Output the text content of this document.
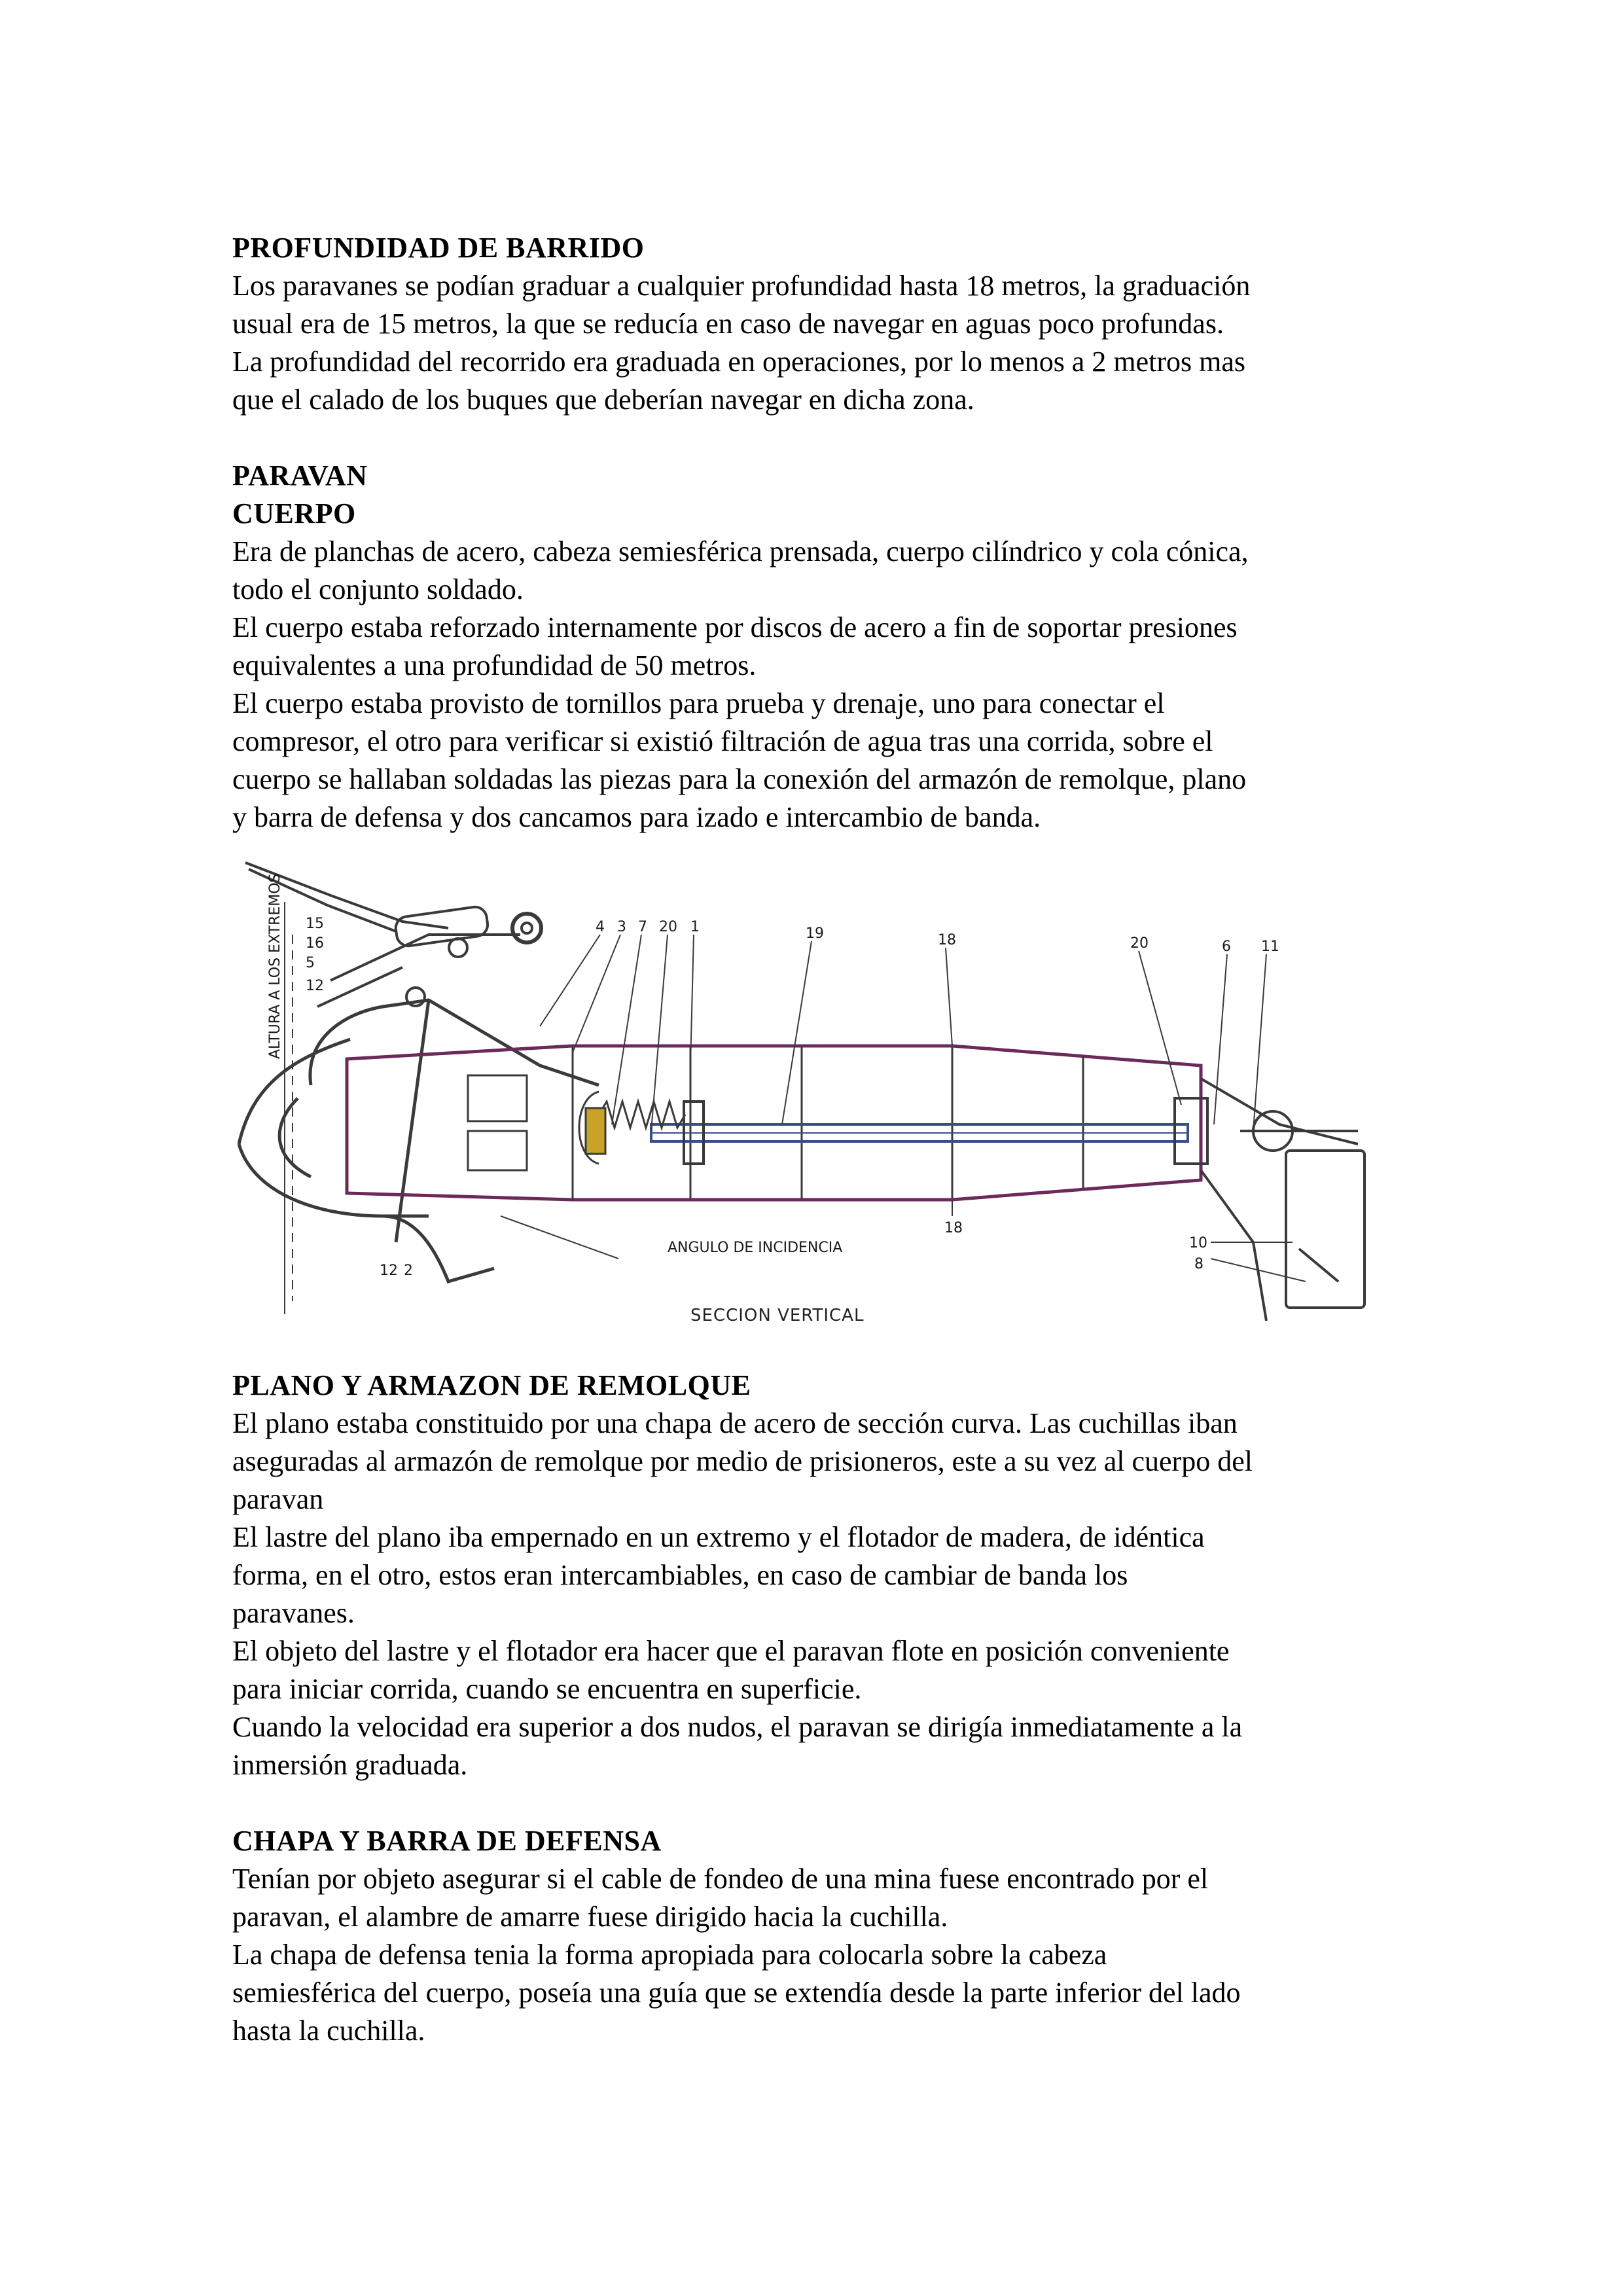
PROFUNDIDAD DE BARRIDO

Los paravanes se podían graduar a cualquier profundidad hasta 18 metros, la graduación

usual era de 15 metros, la que se reducía en caso de navegar en aguas poco profundas.

La profundidad del recorrido era graduada en operaciones, por lo menos a 2 metros mas

que el calado de los buques que deberían navegar en dicha zona.

PARAVAN
CUERPO

Era de planchas de acero, cabeza semiesférica prensada, cuerpo cilíndrico y cola cónica,

todo el conjunto soldado.

El cuerpo estaba reforzado internamente por discos de acero a fin de soportar presiones

equivalentes a una profundidad de 50 metros.

El cuerpo estaba provisto de tornillos para prueba y drenaje, uno para conectar el

compresor, el otro para verificar si existió filtración de agua tras una corrida, sobre el

cuerpo se hallaban soldadas las piezas para la conexión del armazón de remolque, plano

y barra de defensa y dos cancamos para izado e intercambio de banda.

ALTURA A LOS EXTREMOS 15
16
5
12
4 3 7 20 1	19	18	20	6 11
18
10
8
12 2
ANGULO DE INCIDENCIA
SECCION VERTICAL
PLANO Y ARMAZON DE REMOLQUE

El plano estaba constituido por una chapa de acero de sección curva. Las cuchillas iban

aseguradas al armazón de remolque por medio de prisioneros, este a su vez al cuerpo del

paravan

El lastre del plano iba empernado en un extremo y el flotador de madera, de idéntica

forma, en el otro, estos eran intercambiables, en caso de cambiar de banda los

paravanes.

El objeto del lastre y el flotador era hacer que el paravan flote en posición conveniente

para iniciar corrida, cuando se encuentra en superficie.

Cuando la velocidad era superior a dos nudos, el paravan se dirigía inmediatamente a la

inmersión graduada.

CHAPA Y BARRA DE DEFENSA

Tenían por objeto asegurar si el cable de fondeo de una mina fuese encontrado por el

paravan, el alambre de amarre fuese dirigido hacia la cuchilla.

La chapa de defensa tenia la forma apropiada para colocarla sobre la cabeza

semiesférica del cuerpo, poseía una guía que se extendía desde la parte inferior del lado

hasta la cuchilla.
